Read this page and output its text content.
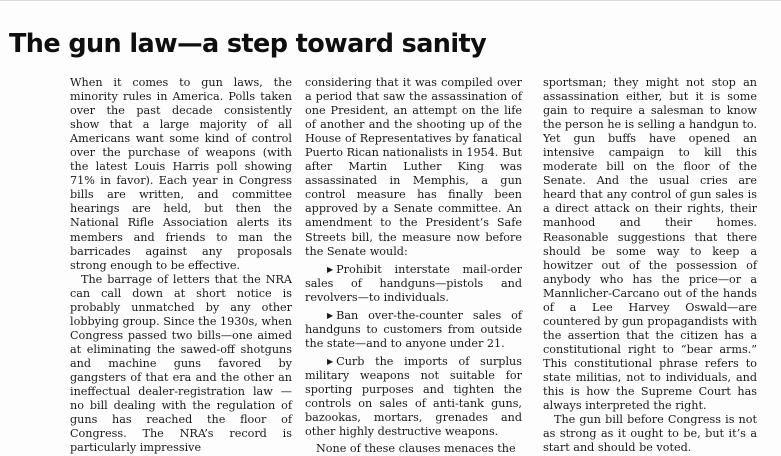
The gun law—a step toward sanity

When it comes to gun laws, the minority rules in America. Polls taken over the past decade consistently show that a large majority of all Americans want some kind of control over the purchase of weapons (with the latest Louis Harris poll showing 71% in favor). Each year in Congress bills are written, and committee hearings are held, but then the National Rifle Association alerts its members and friends to man the barricades against any proposals strong enough to be effective.

The barrage of letters that the NRA can call down at short notice is probably unmatched by any other lobbying group. Since the 1930s, when Congress passed two bills—one aimed at eliminating the sawed-off shotguns and machine guns favored by gangsters of that era and the other an ineffectual dealer-registration law —no bill dealing with the regulation of guns has reached the floor of Congress. The NRA’s record is particularly impressive

considering that it was compiled over a period that saw the assassination of one President, an attempt on the life of another and the shooting up of the House of Representatives by fanatical Puerto Rican nationalists in 1954. But after Martin Luther King was assassinated in Memphis, a gun control measure has finally been approved by a Senate committee. An amendment to the President’s Safe Streets bill, the measure now before the Senate would:

▶ Prohibit interstate mail-order sales of handguns—pistols and revolvers—to individuals.

▶ Ban over-the-counter sales of handguns to customers from outside the state—and to anyone under 21.

▶ Curb the imports of surplus military weapons not suitable for sporting purposes and tighten the controls on sales of anti-tank guns, bazookas, mortars, grenades and other highly destructive weapons.

None of these clauses menaces the

sportsman; they might not stop an assassination either, but it is some gain to require a salesman to know the person he is selling a handgun to. Yet gun buffs have opened an intensive campaign to kill this moderate bill on the floor of the Senate. And the usual cries are heard that any control of gun sales is a direct attack on their rights, their manhood and their homes. Reasonable suggestions that there should be some way to keep a howitzer out of the possession of anybody who has the price—or a Mannlicher-Carcano out of the hands of a Lee Harvey Oswald—are countered by gun propagandists with the assertion that the citizen has a constitutional right to “bear arms.” This constitutional phrase refers to state militias, not to individuals, and this is how the Supreme Court has always interpreted the right.

The gun bill before Congress is not as strong as it ought to be, but it’s a start and should be voted.
